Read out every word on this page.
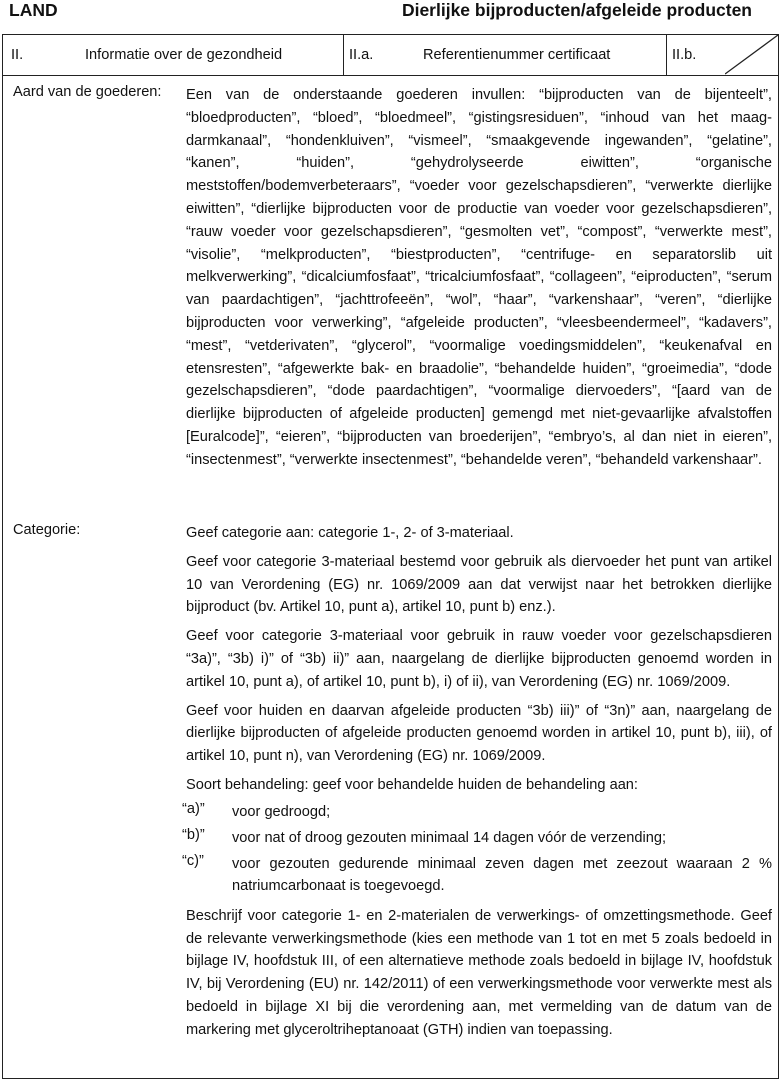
LAND	Dierlijke bijproducten/afgeleide producten
II.	Informatie over de gezondheid	II.a.	Referentienummer certificaat	II.b.
Aard van de goederen: Een van de onderstaande goederen invullen: “bijproducten van de bijenteelt”, “bloedproducten”, “bloed”, “bloedmeel”, “gistingsresiduen”, “inhoud van het maag-darmkanaal”, “hondenkluiven”, “vismeel”, “smaakgevende ingewanden”, “gelatine”, “kanen”, “huiden”, “gehydrolyseerde eiwitten”, “organische meststoffen/bodemverbeteraars”, “voeder voor gezelschapsdieren”, “verwerkte dierlijke eiwitten”, “dierlijke bijproducten voor de productie van voeder voor gezelschapsdieren”, “rauw voeder voor gezelschapsdieren”, “gesmolten vet”, “compost”, “verwerkte mest”, “visolie”, “melkproducten”, “biestproducten”, “centrifuge- en separatorslib uit melkverwerking”, “dicalciumfosfaat”, “tricalciumfosfaat”, “collageen”, “eiproducten”, “serum van paardachtigen”, “jachttrofeeën”, “wol”, “haar”, “varkenshaar”, “veren”, “dierlijke bijproducten voor verwerking”, “afgeleide producten”, “vleesbeendermeel”, “kadavers”, “mest”, “vetderivaten”, “glycerol”, “voormalige voedingsmiddelen”, “keukenafval en etensresten”, “afgewerkte bak- en braadolie”, “behandelde huiden”, “groeimedia”, “dode gezelschapsdieren”, “dode paardachtigen”, “voormalige diervoeders”, “[aard van de dierlijke bijproducten of afgeleide producten] gemengd met niet-gevaarlijke afvalstoffen [Euralcode]”, “eieren”, “bijproducten van broederijen”, “embryo’s, al dan niet in eieren”, “insectenmest”, “verwerkte insectenmest”, “behandelde veren”, “behandeld varkenshaar”.

Categorie:	Geef categorie aan: categorie 1-, 2- of 3-materiaal.

Geef voor categorie 3-materiaal bestemd voor gebruik als diervoeder het punt van artikel 10 van Verordening (EG) nr. 1069/2009 aan dat verwijst naar het betrokken dierlijke bijproduct (bv. Artikel 10, punt a), artikel 10, punt b) enz.).

Geef voor categorie 3-materiaal voor gebruik in rauw voeder voor gezelschapsdieren “3a)”, “3b) i)” of “3b) ii)” aan, naargelang de dierlijke bijproducten genoemd worden in artikel 10, punt a), of artikel 10, punt b), i) of ii), van Verordening (EG) nr. 1069/2009.

Geef voor huiden en daarvan afgeleide producten “3b) iii)” of “3n)” aan, naargelang de dierlijke bijproducten of afgeleide producten genoemd worden in artikel 10, punt b), iii), of artikel 10, punt n), van Verordening (EG) nr. 1069/2009.

Soort behandeling: geef voor behandelde huiden de behandeling aan:

“a)” voor gedroogd;
“b)” voor nat of droog gezouten minimaal 14 dagen vóór de verzending;
“c)” voor gezouten gedurende minimaal zeven dagen met zeezout waaraan 2 % natriumcarbonaat is toegevoegd.

Beschrijf voor categorie 1- en 2-materialen de verwerkings- of omzettingsmethode. Geef de relevante verwerkingsmethode (kies een methode van 1 tot en met 5 zoals bedoeld in bijlage IV, hoofdstuk III, of een alternatieve methode zoals bedoeld in bijlage IV, hoofdstuk IV, bij Verordening (EU) nr. 142/2011) of een verwerkingsmethode voor verwerkte mest als bedoeld in bijlage XI bij die verordening aan, met vermelding van de datum van de markering met glyceroltriheptanoaat (GTH) indien van toepassing.
